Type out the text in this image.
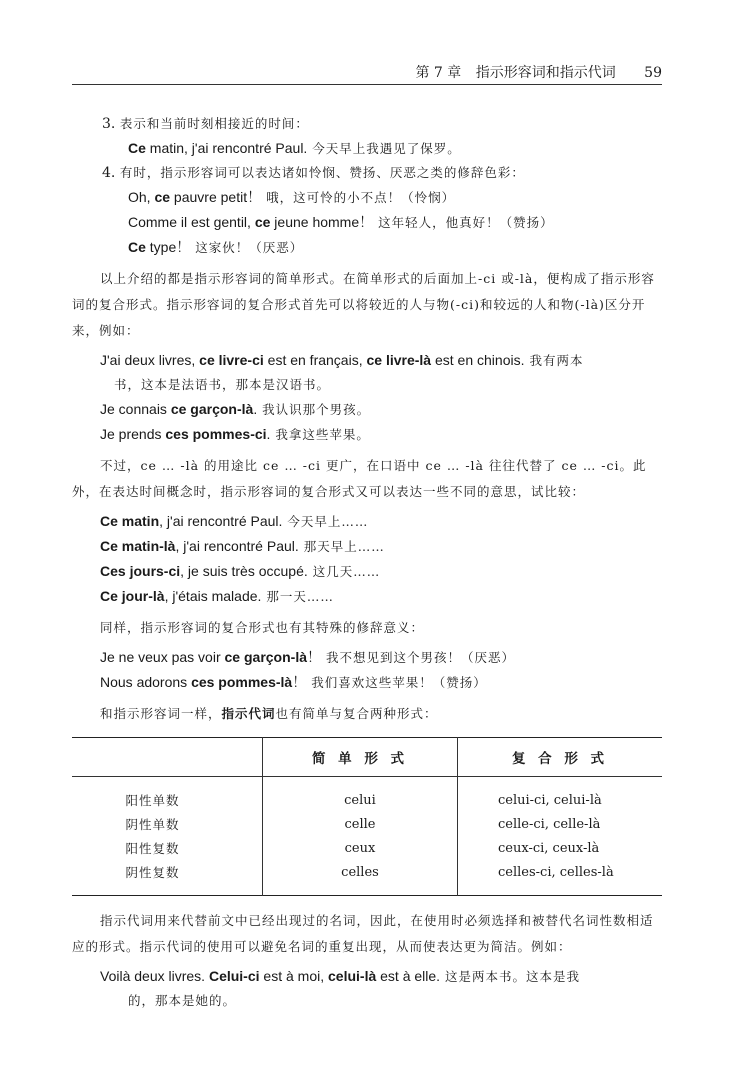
第 7 章 指示形容词和指示代词 59
3. 表示和当前时刻相接近的时间：
Ce matin, j'ai rencontré Paul. 今天早上我遇见了保罗。
4. 有时，指示形容词可以表达诸如怜悯、赞扬、厌恶之类的修辞色彩：
Oh, ce pauvre petit！ 哦，这可怜的小不点！（怜悯）
Comme il est gentil, ce jeune homme！ 这年轻人，他真好！（赞扬）
Ce type！ 这家伙！（厌恶）
以上介绍的都是指示形容词的简单形式。在简单形式的后面加上-ci 或-là，便构成了指示形容词的复合形式。指示形容词的复合形式首先可以将较近的人与物(-ci)和较远的人和物(-là)区分开来，例如：
J'ai deux livres, ce livre-ci est en français, ce livre-là est en chinois. 我有两本
书，这本是法语书，那本是汉语书。
Je connais ce garçon-là. 我认识那个男孩。
Je prends ces pommes-ci. 我拿这些苹果。
不过，ce … -là 的用途比 ce … -ci 更广，在口语中 ce … -là 往往代替了 ce … -ci。此外，在表达时间概念时，指示形容词的复合形式又可以表达一些不同的意思，试比较：
Ce matin, j'ai rencontré Paul. 今天早上……
Ce matin-là, j'ai rencontré Paul. 那天早上……
Ces jours-ci, je suis très occupé. 这几天……
Ce jour-là, j'étais malade. 那一天……
同样，指示形容词的复合形式也有其特殊的修辞意义：
Je ne veux pas voir ce garçon-là！ 我不想见到这个男孩！（厌恶）
Nous adorons ces pommes-là！ 我们喜欢这些苹果！（赞扬）
和指示形容词一样，指示代词也有简单与复合两种形式：
	简 单 形 式	复 合 形 式
阳性单数	celui	celui-ci, celui-là
阴性单数	celle	celle-ci, celle-là
阳性复数	ceux	ceux-ci, ceux-là
阴性复数	celles	celles-ci, celles-là
指示代词用来代替前文中已经出现过的名词，因此，在使用时必须选择和被替代名词性数相适应的形式。指示代词的使用可以避免名词的重复出现，从而使表达更为简洁。例如：
Voilà deux livres. Celui-ci est à moi, celui-là est à elle. 这是两本书。这本是我
的，那本是她的。
